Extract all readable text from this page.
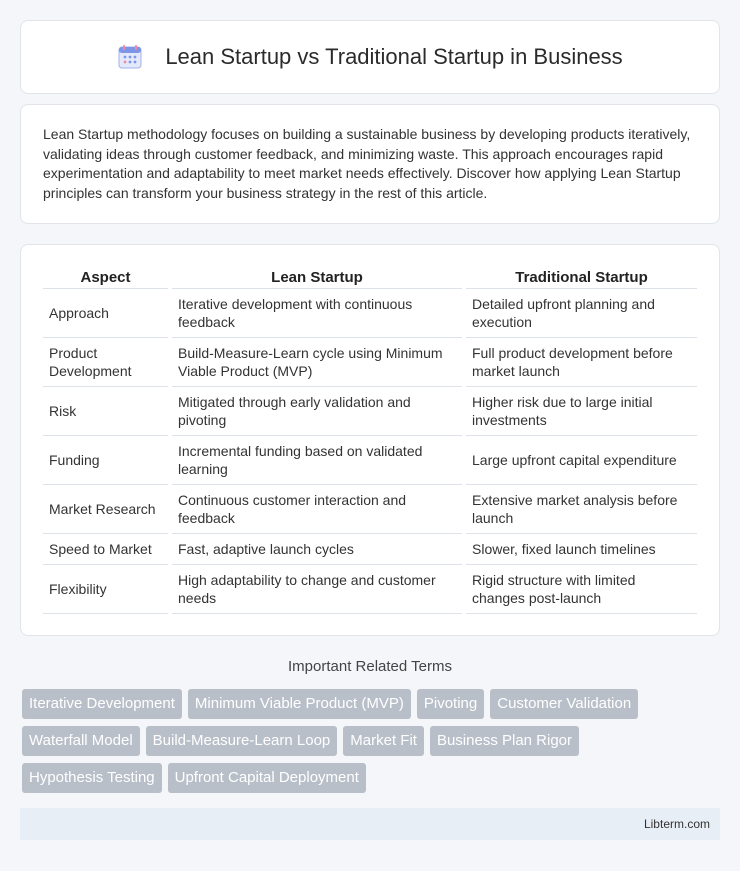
Lean Startup vs Traditional Startup in Business

Lean Startup methodology focuses on building a sustainable business by developing products iteratively, validating ideas through customer feedback, and minimizing waste. This approach encourages rapid experimentation and adaptability to meet market needs effectively. Discover how applying Lean Startup principles can transform your business strategy in the rest of this article.

Aspect	Lean Startup	Traditional Startup
Approach	Iterative development with continuous feedback	Detailed upfront planning and execution
Product Development	Build-Measure-Learn cycle using Minimum Viable Product (MVP)	Full product development before market launch
Risk	Mitigated through early validation and pivoting	Higher risk due to large initial investments
Funding	Incremental funding based on validated learning	Large upfront capital expenditure
Market Research	Continuous customer interaction and feedback	Extensive market analysis before launch
Speed to Market	Fast, adaptive launch cycles	Slower, fixed launch timelines
Flexibility	High adaptability to change and customer needs	Rigid structure with limited changes post-launch
Important Related Terms
Iterative Development	Minimum Viable Product (MVP)	Pivoting	Customer Validation
Waterfall Model	Build-Measure-Learn Loop	Market Fit	Business Plan Rigor
Hypothesis Testing	Upfront Capital Deployment
Libterm.com
